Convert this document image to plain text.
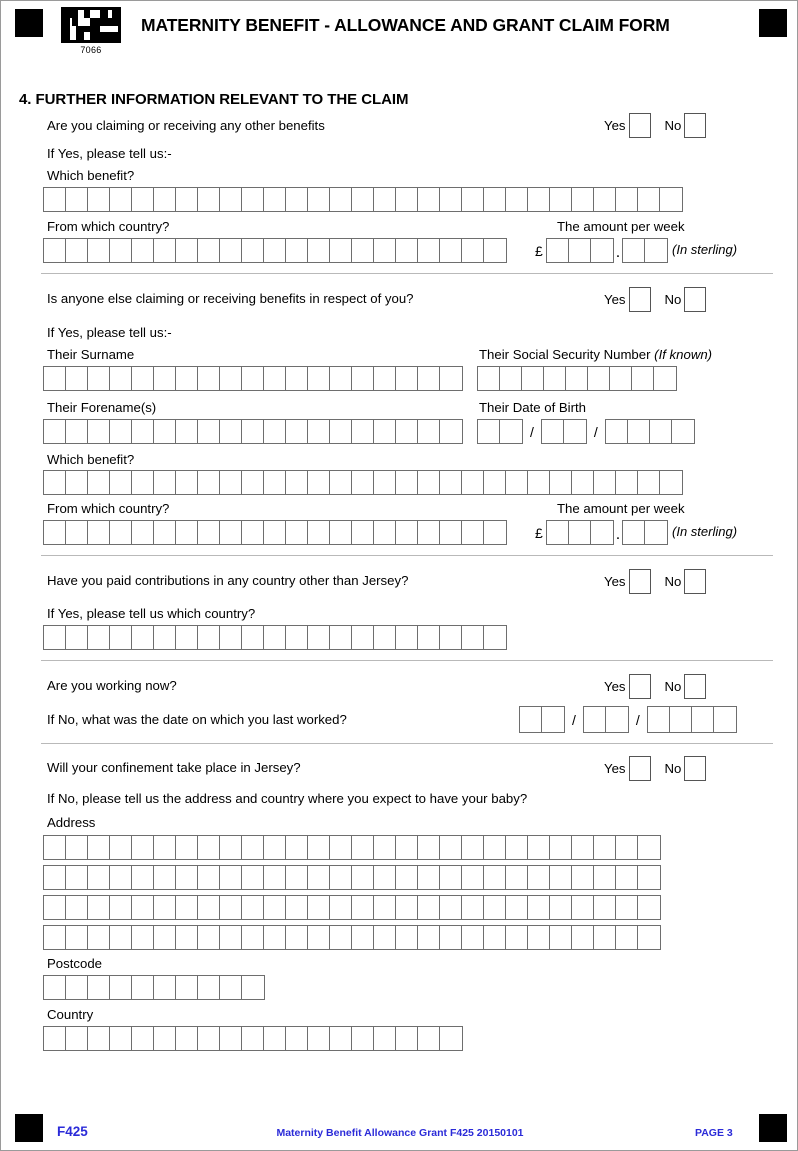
7066
MATERNITY BENEFIT - ALLOWANCE AND GRANT CLAIM FORM
4. FURTHER INFORMATION RELEVANT TO THE CLAIM
Are you claiming or receiving any other benefits	Yes	No
If Yes, please tell us:-
Which benefit?
From which country?	The amount per week
£	.	(In sterling)
Is anyone else claiming or receiving benefits in respect of you?	Yes	No
If Yes, please tell us:-
Their Surname	Their Social Security Number (If known)
Their Forename(s)	Their Date of Birth
/	/
Which benefit?
From which country?	The amount per week
£	.	(In sterling)
Have you paid contributions in any country other than Jersey?	Yes	No
If Yes, please tell us which country?
Are you working now?	Yes	No
If No, what was the date on which you last worked?	/	/
Will your confinement take place in Jersey?	Yes	No
If No, please tell us the address and country where you expect to have your baby?
Address
Postcode
Country
F425	Maternity Benefit Allowance Grant F425 20150101	PAGE 3
